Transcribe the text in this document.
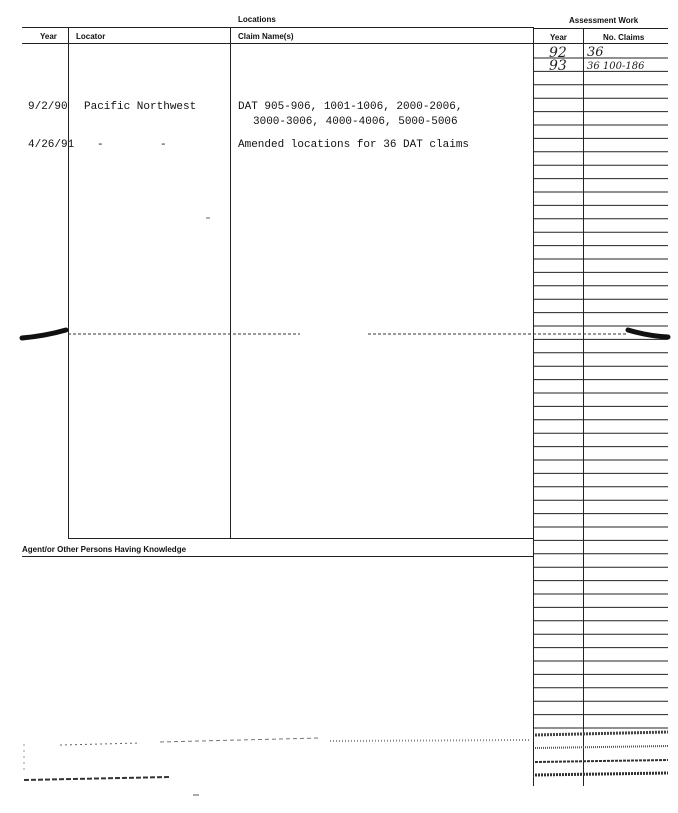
Locations	Assessment Work
Year Locator	Claim Name(s)	Year	No. Claims
Agent/or Other Persons Having Knowledge
92 36
93 36 100-186
9/2/90 Pacific Northwest	DAT 905-906, 1001-1006, 2000-2006,
3000-3006, 4000-4006, 5000-5006
4/26/91 -	-	Amended locations for 36 DAT claims
